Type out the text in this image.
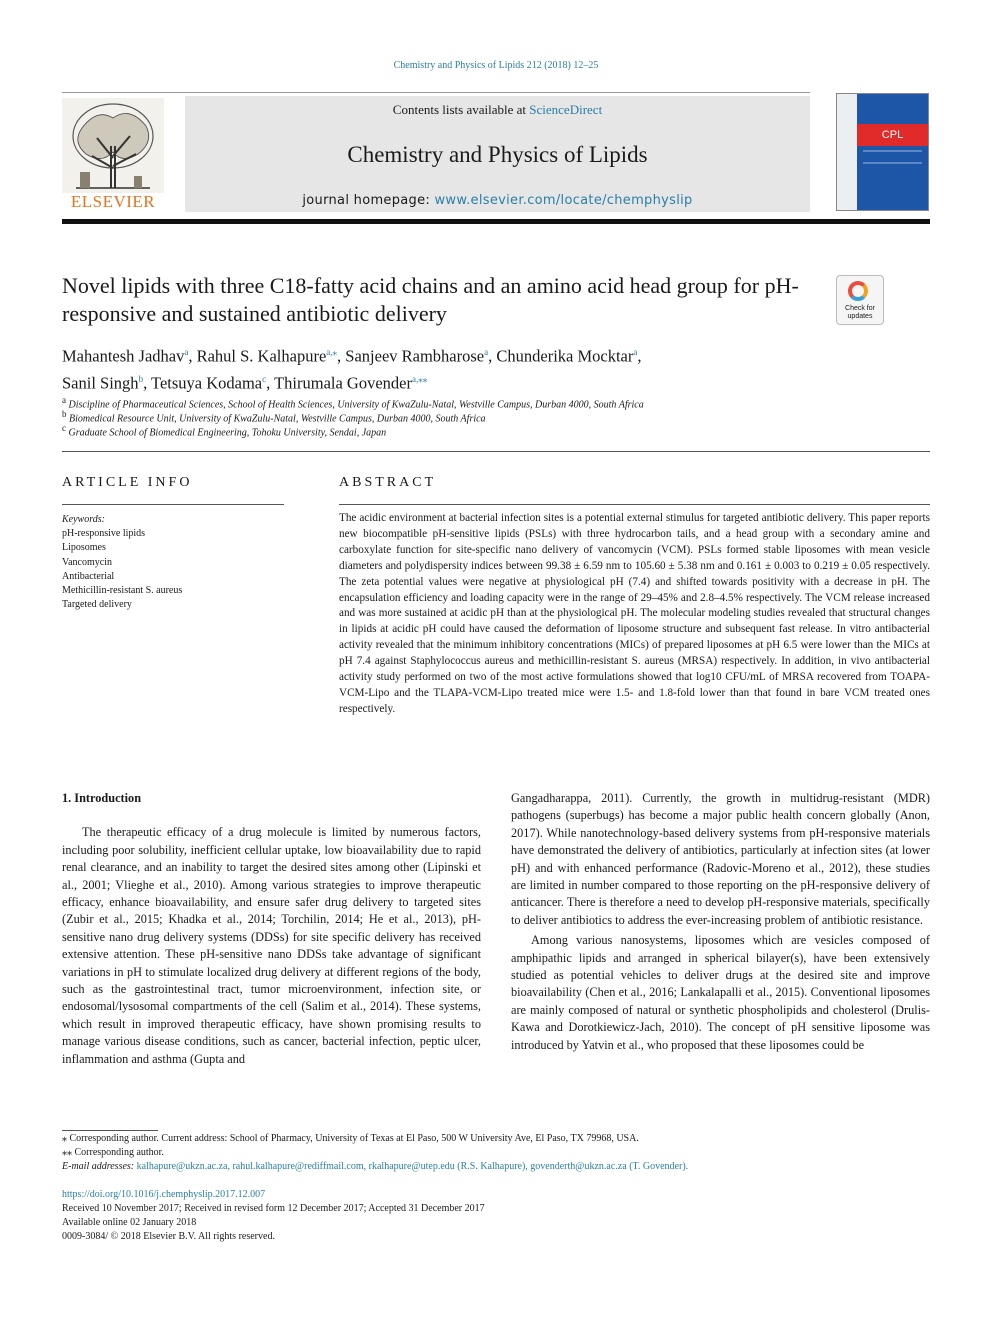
Chemistry and Physics of Lipids 212 (2018) 12–25
ELSEVIER
Contents lists available at ScienceDirect
Chemistry and Physics of Lipids
journal homepage: www.elsevier.com/locate/chemphyslip
CPL
Novel lipids with three C18-fatty acid chains and an amino acid head group for pH-responsive and sustained antibiotic delivery	Check for
updates
Mahantesh Jadhav$^a$, Rahul S. Kalhapure$^{a,⁎}$, Sanjeev Rambharose$^a$, Chunderika Mocktar$^a$,
Sanil Singh$^b$, Tetsuya Kodama$^c$, Thirumala Govender$^{a,⁎⁎}$
$^a$ Discipline of Pharmaceutical Sciences, School of Health Sciences, University of KwaZulu-Natal, Westville Campus, Durban 4000, South Africa
$^b$ Biomedical Resource Unit, University of KwaZulu-Natal, Westville Campus, Durban 4000, South Africa
$^c$ Graduate School of Biomedical Engineering, Tohoku University, Sendai, Japan
ARTICLE INFO	ABSTRACT
Keywords:
pH-responsive lipids
Liposomes
Vancomycin
Antibacterial
Methicillin-resistant S. aureus
Targeted delivery
The acidic environment at bacterial infection sites is a potential external stimulus for targeted antibiotic delivery. This paper reports new biocompatible pH-sensitive lipids (PSLs) with three hydrocarbon tails, and a head group with a secondary amine and carboxylate function for site-specific nano delivery of vancomycin (VCM). PSLs formed stable liposomes with mean vesicle diameters and polydispersity indices between 99.38 ± 6.59 nm to 105.60 ± 5.38 nm and 0.161 ± 0.003 to 0.219 ± 0.05 respectively. The zeta potential values were negative at physiological pH (7.4) and shifted towards positivity with a decrease in pH. The encapsulation efficiency and loading capacity were in the range of 29–45% and 2.8–4.5% respectively. The VCM release increased and was more sustained at acidic pH than at the physiological pH. The molecular modeling studies revealed that structural changes in lipids at acidic pH could have caused the deformation of liposome structure and subsequent fast release. In vitro antibacterial activity revealed that the minimum inhibitory concentrations (MICs) of prepared liposomes at pH 6.5 were lower than the MICs at pH 7.4 against Staphylococcus aureus and methicillin-resistant S. aureus (MRSA) respectively. In addition, in vivo antibacterial activity study performed on two of the most active formulations showed that log10 CFU/mL of MRSA recovered from TOAPA-VCM-Lipo and the TLAPA-VCM-Lipo treated mice were 1.5- and 1.8-fold lower than that found in bare VCM treated ones respectively.
1. Introduction

The therapeutic efficacy of a drug molecule is limited by numerous factors, including poor solubility, inefficient cellular uptake, low bioavailability due to rapid renal clearance, and an inability to target the desired sites among other (Lipinski et al., 2001; Vlieghe et al., 2010). Among various strategies to improve therapeutic efficacy, enhance bioavailability, and ensure safer drug delivery to targeted sites (Zubir et al., 2015; Khadka et al., 2014; Torchilin, 2014; He et al., 2013), pH-sensitive nano drug delivery systems (DDSs) for site specific delivery has received extensive attention. These pH-sensitive nano DDSs take advantage of significant variations in pH to stimulate localized drug delivery at different regions of the body, such as the gastrointestinal tract, tumor microenvironment, infection site, or endosomal/lysosomal compartments of the cell (Salim et al., 2014). These systems, which result in improved therapeutic efficacy, have shown promising results to manage various disease conditions, such as cancer, bacterial infection, peptic ulcer, inflammation and asthma (Gupta and

Gangadharappa, 2011). Currently, the growth in multidrug-resistant (MDR) pathogens (superbugs) has become a major public health concern globally (Anon, 2017). While nanotechnology-based delivery systems from pH-responsive materials have demonstrated the delivery of antibiotics, particularly at infection sites (at lower pH) and with enhanced performance (Radovic-Moreno et al., 2012), these studies are limited in number compared to those reporting on the pH-responsive delivery of anticancer. There is therefore a need to develop pH-responsive materials, specifically to deliver antibiotics to address the ever-increasing problem of antibiotic resistance.

Among various nanosystems, liposomes which are vesicles composed of amphipathic lipids and arranged in spherical bilayer(s), have been extensively studied as potential vehicles to deliver drugs at the desired site and improve bioavailability (Chen et al., 2016; Lankalapalli et al., 2015). Conventional liposomes are mainly composed of natural or synthetic phospholipids and cholesterol (Drulis-Kawa and Dorotkiewicz-Jach, 2010). The concept of pH sensitive liposome was introduced by Yatvin et al., who proposed that these liposomes could be

⁎ Corresponding author. Current address: School of Pharmacy, University of Texas at El Paso, 500 W University Ave, El Paso, TX 79968, USA.
⁎⁎ Corresponding author.
E-mail addresses: kalhapure@ukzn.ac.za, rahul.kalhapure@rediffmail.com, rkalhapure@utep.edu (R.S. Kalhapure), govenderth@ukzn.ac.za (T. Govender).
https://doi.org/10.1016/j.chemphyslip.2017.12.007
Received 10 November 2017; Received in revised form 12 December 2017; Accepted 31 December 2017
Available online 02 January 2018
0009-3084/ © 2018 Elsevier B.V. All rights reserved.
